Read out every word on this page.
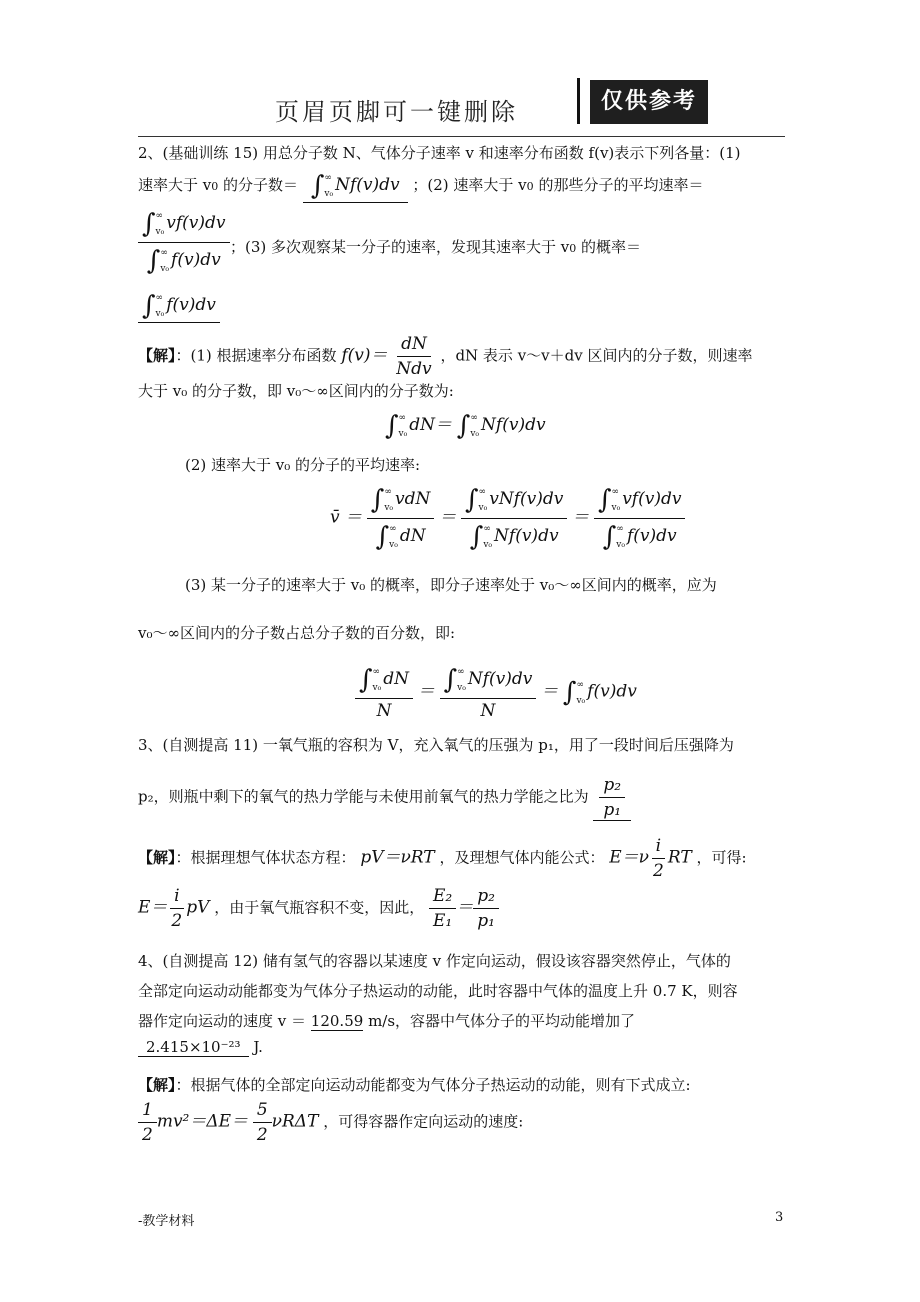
页眉页脚可一键删除	仅供参考
2、(基础训练 15) 用总分子数 N、气体分子速率 v 和速率分布函数 f(v)表示下列各量：(1)
速率大于 v0 的分子数＝ ∫ ∞
v₀ Nf(v)dv ；(2) 速率大于 v0 的那些分子的平均速率＝
∫ ∞
v₀ vf(v)dv
∫ ∞
v₀ f(v)dv ；(3) 多次观察某一分子的速率，发现其速率大于 v0 的概率＝
∫ ∞
v₀ f(v)dv
【解】：(1) 根据速率分布函数 $f(v)= \frac{dN}{\text{Ndv}}$ ，dN 表示 v～v＋dv 区间内的分子数，则速率
大于 v₀ 的分子数，即 v₀～∞区间内的分子数为:
∫ ∞
v₀ dN＝ ∫ ∞
v₀ Nf(v)dv
(2) 速率大于 v₀ 的分子的平均速率:
v̄ ＝ ∫ ∞
v₀ vdN
∫ ∞
v₀ dN ＝ ∫ ∞
v₀ vNf(v)dv
∫ ∞
v₀ Nf(v)dv ＝ ∫ ∞
v₀ vf(v)dv
∫ ∞
v₀ f(v)dv
(3) 某一分子的速率大于 v₀ 的概率，即分子速率处于 v₀～∞区间内的概率，应为
v₀～∞区间内的分子数占总分子数的百分数，即:
∫ ∞
v₀ dN
N ＝ ∫ ∞
v₀ Nf(v)dv
N ＝ ∫ ∞
v₀ f(v)dv
3、(自测提高 11) 一氧气瓶的容积为 V，充入氧气的压强为 p₁，用了一段时间后压强降为
p₂，则瓶中剩下的氧气的热力学能与未使用前氧气的热力学能之比为 $\frac{\text{p₂}}{\text{p₁}}$
【解】：根据理想气体状态方程： pV＝νRT ，及理想气体内能公式： $E=\nu \frac{i}{2}$ RT ，可得:
$E= \frac{i}{2}$ pV ，由于氧气瓶容积不变，因此， $\frac{\text{E₂}}{\text{E₁}} = \frac{\text{p₂}}{\text{p₁}}$
4、(自测提高 12) 储有氢气的容器以某速度 v 作定向运动，假设该容器突然停止，气体的
全部定向运动动能都变为气体分子热运动的动能，此时容器中气体的温度上升 0.7 K，则容
器作定向运动的速度 v ＝ 120.59 m/s，容器中气体分子的平均动能增加了
2.415×10⁻²³ J.
【解】：根据气体的全部定向运动动能都变为气体分子热运动的动能，则有下式成立:
$\frac{1}{2} mv^2=\Delta E= \frac{5}{2}$ νRΔT ，可得容器作定向运动的速度:
-教学材料	3
